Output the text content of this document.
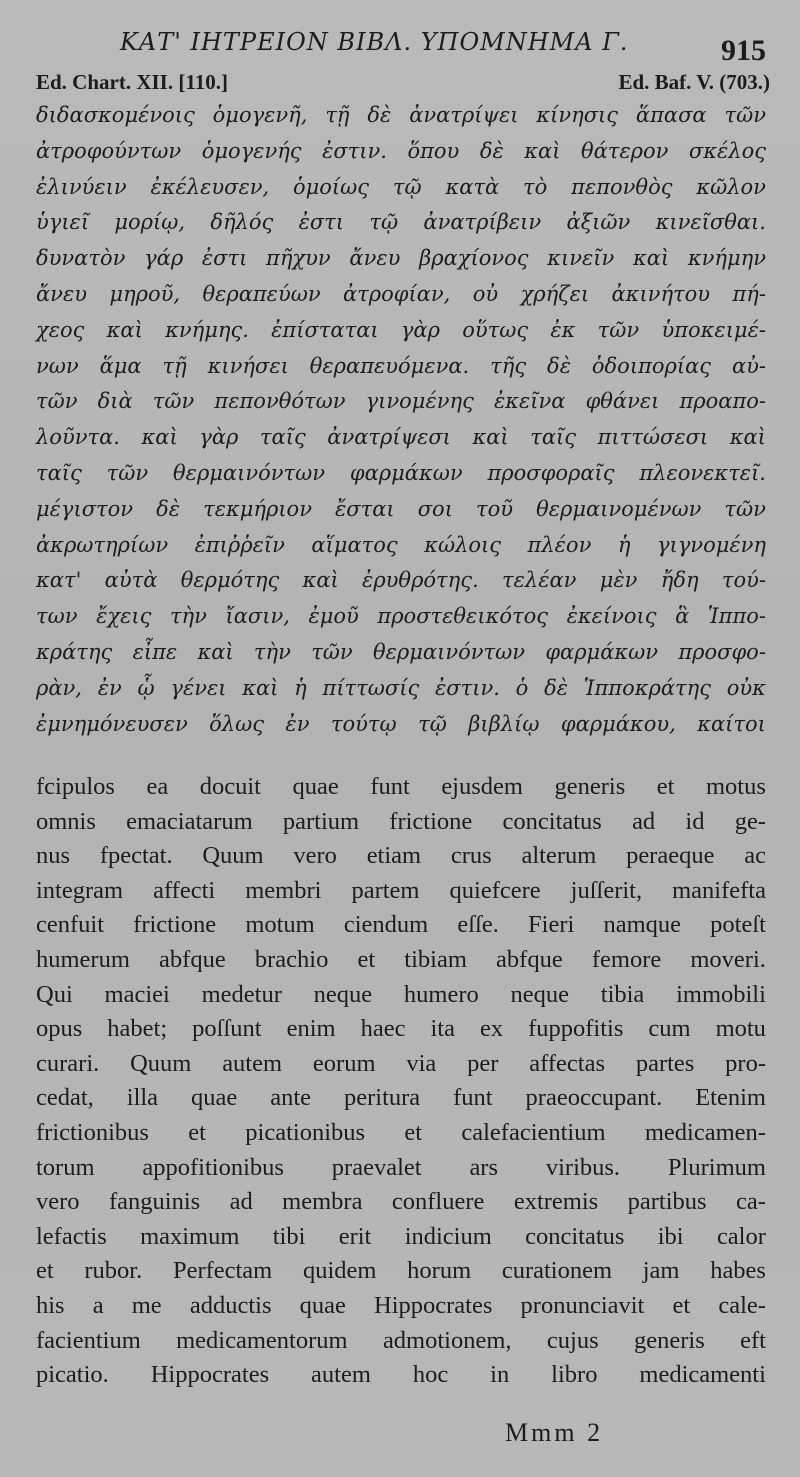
ΚΑΤ' ΙΗΤΡΕΙΟΝ ΒΙΒΛ. ΥΠΟΜΝΗΜΑ Γ.	915
Ed. Chart. XII. [110.]	Ed. Baf. V. (703.)
διδασκομένοις ὁμογενῆ, τῇ δὲ ἀνατρίψει κίνησις ἅπασα τῶν
ἀτροφούντων ὁμογενής ἐστιν. ὅπου δὲ καὶ θάτερον σκέλος
ἐλινύειν ἐκέλευσεν, ὁμοίως τῷ κατὰ τὸ πεπονθὸς κῶλον
ὑγιεῖ μορίῳ, δῆλός ἐστι τῷ ἀνατρίβειν ἀξιῶν κινεῖσθαι.
δυνατὸν γάρ ἐστι πῆχυν ἄνευ βραχίονος κινεῖν καὶ κνήμην
ἄνευ μηροῦ, θεραπεύων ἀτροφίαν, οὐ χρήζει ἀκινήτου πή-
χεος καὶ κνήμης. ἐπίσταται γὰρ οὕτως ἐκ τῶν ὑποκειμέ-
νων ἅμα τῇ κινήσει θεραπευόμενα. τῆς δὲ ὁδοιπορίας αὐ-
τῶν διὰ τῶν πεπονθότων γινομένης ἐκεῖνα φθάνει προαπο-
λοῦντα. καὶ γὰρ ταῖς ἀνατρίψεσι καὶ ταῖς πιττώσεσι καὶ
ταῖς τῶν θερμαινόντων φαρμάκων προσφοραῖς πλεονεκτεῖ.
μέγιστον δὲ τεκμήριον ἔσται σοι τοῦ θερμαινομένων τῶν
ἀκρωτηρίων ἐπιῤῥεῖν αἵματος κώλοις πλέον ἡ γιγνομένη
κατ' αὐτὰ θερμότης καὶ ἐρυθρότης. τελέαν μὲν ἤδη τού-
των ἔχεις τὴν ἴασιν, ἐμοῦ προστεθεικότος ἐκείνοις ἃ Ἱππο-
κράτης εἶπε καὶ τὴν τῶν θερμαινόντων φαρμάκων προσφο-
ρὰν, ἐν ᾧ γένει καὶ ἡ πίττωσίς ἐστιν. ὁ δὲ Ἱπποκράτης οὐκ
ἐμνημόνευσεν ὅλως ἐν τούτῳ τῷ βιβλίῳ φαρμάκου, καίτοι
fcipulos ea docuit quae funt ejusdem generis et motus
omnis emaciatarum partium frictione concitatus ad id ge-
nus fpectat. Quum vero etiam crus alterum peraeque ac
integram affecti membri partem quiefcere juſſerit, manifefta
cenfuit frictione motum ciendum eſſe. Fieri namque poteſt
humerum abfque brachio et tibiam abfque femore moveri.
Qui maciei medetur neque humero neque tibia immobili
opus habet; poſſunt enim haec ita ex fuppofitis cum motu
curari. Quum autem eorum via per affectas partes pro-
cedat, illa quae ante peritura funt praeoccupant. Etenim
frictionibus et picationibus et calefacientium medicamen-
torum appofitionibus praevalet ars viribus. Plurimum
vero fanguinis ad membra confluere extremis partibus ca-
lefactis maximum tibi erit indicium concitatus ibi calor
et rubor. Perfectam quidem horum curationem jam habes
his a me adductis quae Hippocrates pronunciavit et cale-
facientium medicamentorum admotionem, cujus generis eft
picatio. Hippocrates autem hoc in libro medicamenti
Mmm 2
